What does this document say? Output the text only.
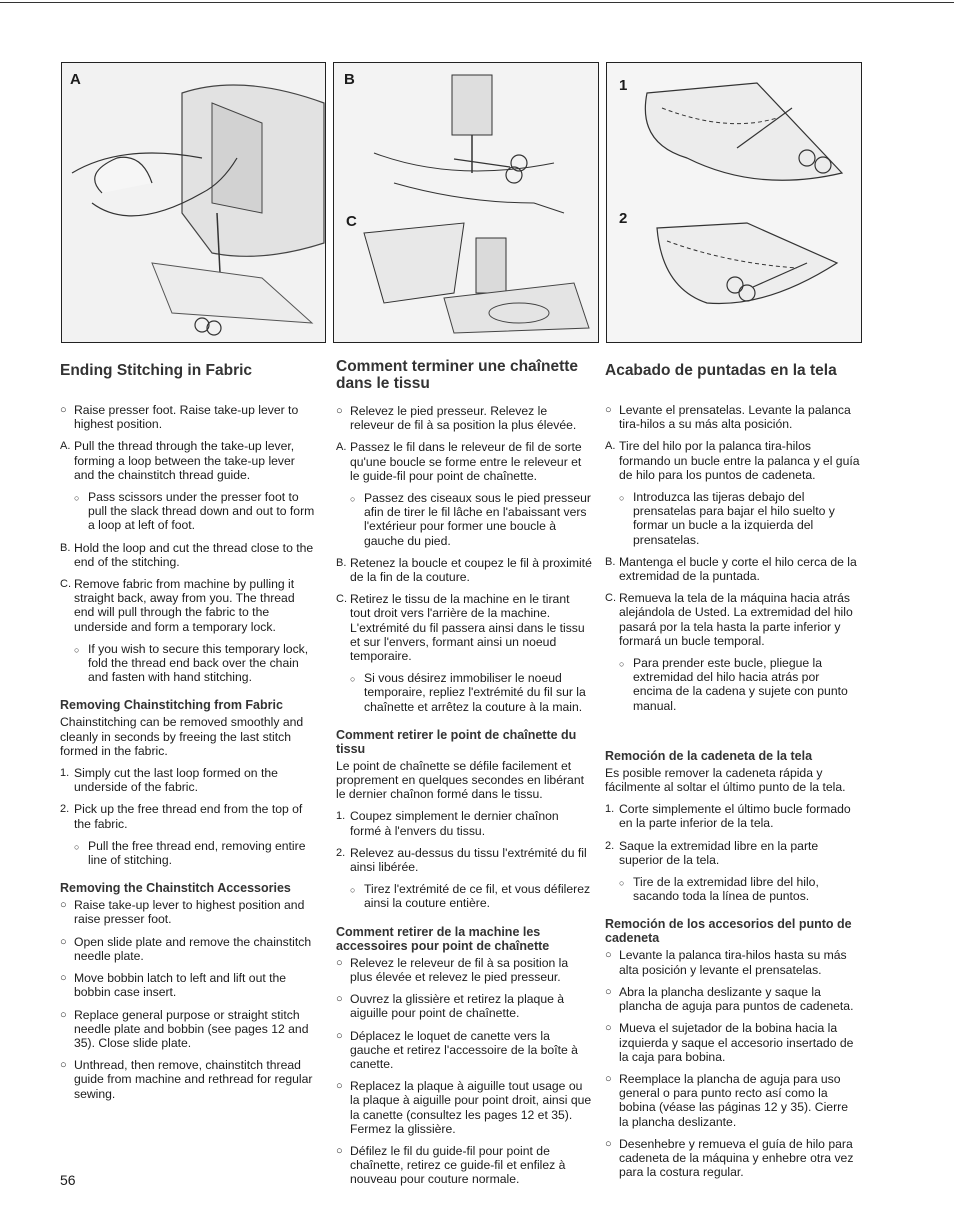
A	B
C
1
2
Ending Stitching in Fabric
○ Raise presser foot. Raise take-up lever to highest position.
A. Pull the thread through the take-up lever, forming a loop between the take-up lever and the chainstitch thread guide.
○ Pass scissors under the presser foot to pull the slack thread down and out to form a loop at left of foot.
B. Hold the loop and cut the thread close to the end of the stitching.
C. Remove fabric from machine by pulling it straight back, away from you. The thread end will pull through the fabric to the underside and form a temporary lock.
○ If you wish to secure this temporary lock, fold the thread end back over the chain and fasten with hand stitching.
Removing Chainstitching from Fabric

Chainstitching can be removed smoothly and cleanly in seconds by freeing the last stitch formed in the fabric.

1. Simply cut the last loop formed on the underside of the fabric.
2. Pick up the free thread end from the top of the fabric.
○ Pull the free thread end, removing entire line of stitching.
Removing the Chainstitch Accessories
○ Raise take-up lever to highest position and raise presser foot.
○ Open slide plate and remove the chainstitch needle plate.
○ Move bobbin latch to left and lift out the bobbin case insert.
○ Replace general purpose or straight stitch needle plate and bobbin (see pages 12 and 35). Close slide plate.
○ Unthread, then remove, chainstitch thread guide from machine and rethread for regular sewing.
Comment terminer une chaînette dans le tissu
○ Relevez le pied presseur. Relevez le releveur de fil à sa position la plus élevée.
A. Passez le fil dans le releveur de fil de sorte qu'une boucle se forme entre le releveur et le guide-fil pour point de chaînette.
○ Passez des ciseaux sous le pied presseur afin de tirer le fil lâche en l'abaissant vers l'extérieur pour former une boucle à gauche du pied.
B. Retenez la boucle et coupez le fil à proximité de la fin de la couture.
C. Retirez le tissu de la machine en le tirant tout droit vers l'arrière de la machine. L'extrémité du fil passera ainsi dans le tissu et sur l'envers, formant ainsi un noeud temporaire.
○ Si vous désirez immobiliser le noeud temporaire, repliez l'extrémité du fil sur la chaînette et arrêtez la couture à la main.
Comment retirer le point de chaînette du tissu

Le point de chaînette se défile facilement et proprement en quelques secondes en libérant le dernier chaînon formé dans le tissu.

1. Coupez simplement le dernier chaînon formé à l'envers du tissu.
2. Relevez au-dessus du tissu l'extrémité du fil ainsi libérée.
○ Tirez l'extrémité de ce fil, et vous défilerez ainsi la couture entière.
Comment retirer de la machine les accessoires pour point de chaînette
○ Relevez le releveur de fil à sa position la plus élevée et relevez le pied presseur.
○ Ouvrez la glissière et retirez la plaque à aiguille pour point de chaînette.
○ Déplacez le loquet de canette vers la gauche et retirez l'accessoire de la boîte à canette.
○ Replacez la plaque à aiguille tout usage ou la plaque à aiguille pour point droit, ainsi que la canette (consultez les pages 12 et 35). Fermez la glissière.
○ Défilez le fil du guide-fil pour point de chaînette, retirez ce guide-fil et enfilez à nouveau pour couture normale.
Acabado de puntadas en la tela
○ Levante el prensatelas. Levante la palanca tira-hilos a su más alta posición.
A. Tire del hilo por la palanca tira-hilos formando un bucle entre la palanca y el guía de hilo para los puntos de cadeneta.
○ Introduzca las tijeras debajo del prensatelas para bajar el hilo suelto y formar un bucle a la izquierda del prensatelas.
B. Mantenga el bucle y corte el hilo cerca de la extremidad de la puntada.
C. Remueva la tela de la máquina hacia atrás alejándola de Usted. La extremidad del hilo pasará por la tela hasta la parte inferior y formará un bucle temporal.
○ Para prender este bucle, pliegue la extremidad del hilo hacia atrás por encima de la cadena y sujete con punto manual.
Remoción de la cadeneta de la tela

Es posible remover la cadeneta rápida y fácilmente al soltar el último punto de la tela.

1. Corte simplemente el último bucle formado en la parte inferior de la tela.
2. Saque la extremidad libre en la parte superior de la tela.
○ Tire de la extremidad libre del hilo, sacando toda la línea de puntos.
Remoción de los accesorios del punto de cadeneta
○ Levante la palanca tira-hilos hasta su más alta posición y levante el prensatelas.
○ Abra la plancha deslizante y saque la plancha de aguja para puntos de cadeneta.
○ Mueva el sujetador de la bobina hacia la izquierda y saque el accesorio insertado de la caja para bobina.
○ Reemplace la plancha de aguja para uso general o para punto recto así como la bobina (véase las páginas 12 y 35). Cierre la plancha deslizante.
○ Desenhebre y remueva el guía de hilo para cadeneta de la máquina y enhebre otra vez para la costura regular.
56
